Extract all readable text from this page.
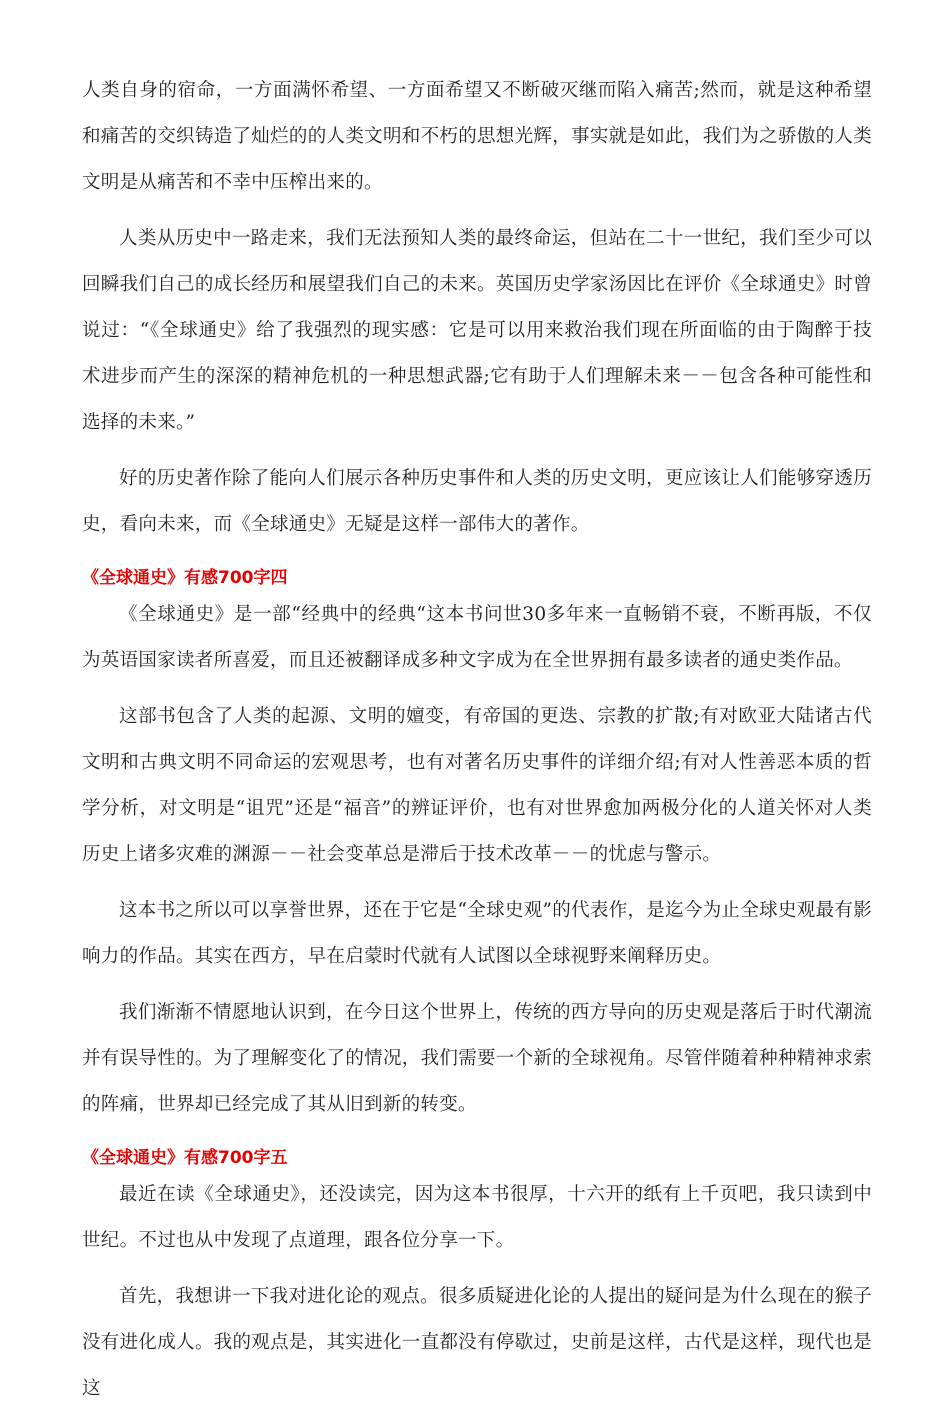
人类自身的宿命，一方面满怀希望、一方面希望又不断破灭继而陷入痛苦;然而，就是这种希望和痛苦的交织铸造了灿烂的的人类文明和不朽的思想光辉，事实就是如此，我们为之骄傲的人类文明是从痛苦和不幸中压榨出来的。

人类从历史中一路走来，我们无法预知人类的最终命运，但站在二十一世纪，我们至少可以回瞬我们自己的成长经历和展望我们自己的未来。英国历史学家汤因比在评价《全球通史》时曾说过：“《全球通史》给了我强烈的现实感：它是可以用来救治我们现在所面临的由于陶醉于技术进步而产生的深深的精神危机的一种思想武器;它有助于人们理解未来－－包含各种可能性和选择的未来。”

好的历史著作除了能向人们展示各种历史事件和人类的历史文明，更应该让人们能够穿透历史，看向未来，而《全球通史》无疑是这样一部伟大的著作。

《全球通史》有感700字四

《全球通史》是一部“经典中的经典“这本书问世30多年来一直畅销不衰，不断再版，不仅为英语国家读者所喜爱，而且还被翻译成多种文字成为在全世界拥有最多读者的通史类作品。

这部书包含了人类的起源、文明的嬗变，有帝国的更迭、宗教的扩散;有对欧亚大陆诸古代文明和古典文明不同命运的宏观思考，也有对著名历史事件的详细介绍;有对人性善恶本质的哲学分析，对文明是“诅咒”还是“福音”的辨证评价，也有对世界愈加两极分化的人道关怀对人类历史上诸多灾难的渊源－－社会变革总是滞后于技术改革－－的忧虑与警示。

这本书之所以可以享誉世界，还在于它是“全球史观”的代表作，是迄今为止全球史观最有影响力的作品。其实在西方，早在启蒙时代就有人试图以全球视野来阐释历史。

我们渐渐不情愿地认识到，在今日这个世界上，传统的西方导向的历史观是落后于时代潮流并有误导性的。为了理解变化了的情况，我们需要一个新的全球视角。尽管伴随着种种精神求索的阵痛，世界却已经完成了其从旧到新的转变。

《全球通史》有感700字五

最近在读《全球通史》，还没读完，因为这本书很厚，十六开的纸有上千页吧，我只读到中世纪。不过也从中发现了点道理，跟各位分享一下。

首先，我想讲一下我对进化论的观点。很多质疑进化论的人提出的疑问是为什么现在的猴子没有进化成人。我的观点是，其实进化一直都没有停歇过，史前是这样，古代是这样，现代也是这
